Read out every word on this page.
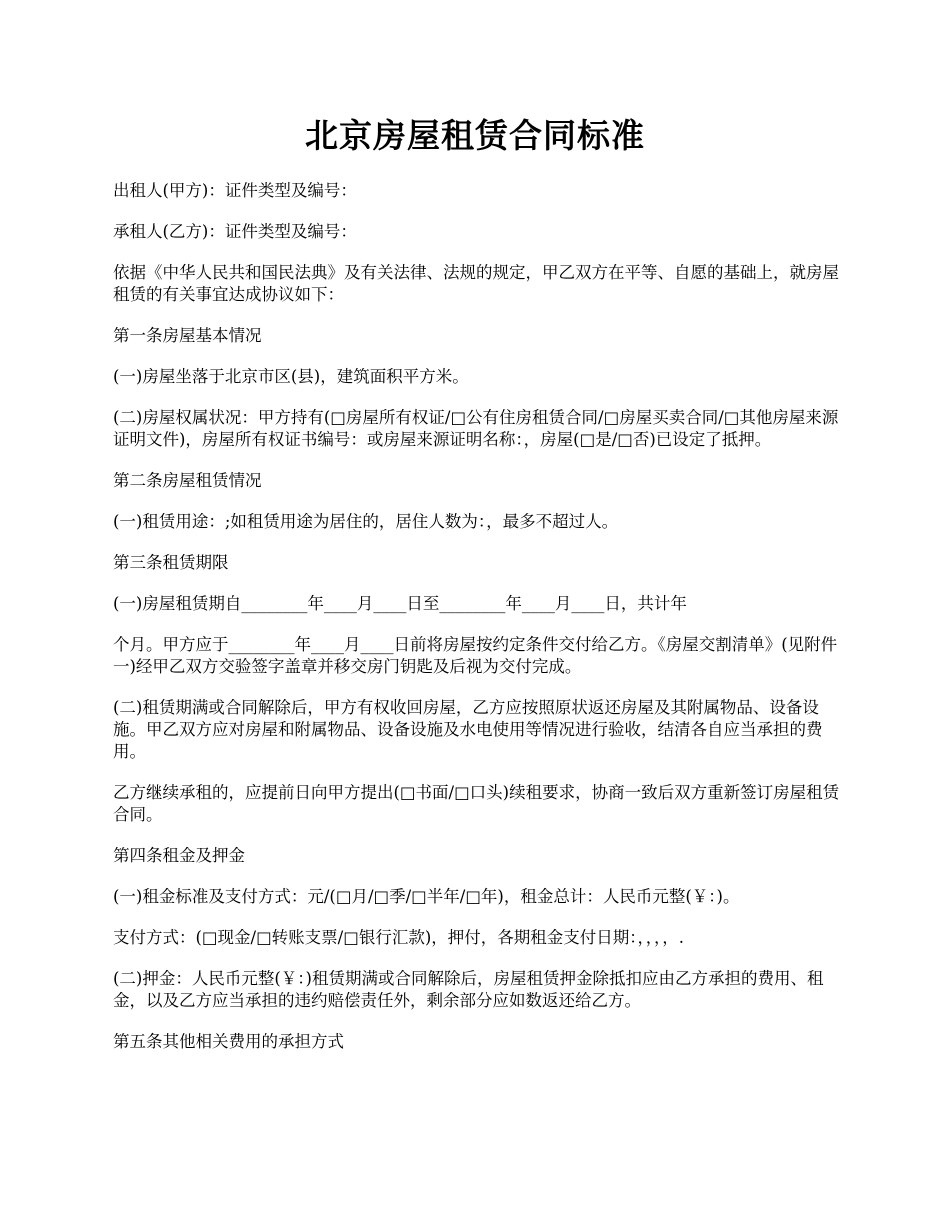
北京房屋租赁合同标准

出租人(甲方)：证件类型及编号：

承租人(乙方)：证件类型及编号：

依据《中华人民共和国民法典》及有关法律、法规的规定，甲乙双方在平等、自愿的基础上，就房屋租赁的有关事宜达成协议如下：

第一条房屋基本情况

(一)房屋坐落于北京市区(县)，建筑面积平方米。

(二)房屋权属状况：甲方持有(□房屋所有权证/□公有住房租赁合同/□房屋买卖合同/□其他房屋来源证明文件)，房屋所有权证书编号：或房屋来源证明名称：，房屋(□是/□否)已设定了抵押。

第二条房屋租赁情况

(一)租赁用途：;如租赁用途为居住的，居住人数为：，最多不超过人。

第三条租赁期限

(一)房屋租赁期自________年____月____日至________年____月____日，共计年

个月。甲方应于________年____月____日前将房屋按约定条件交付给乙方。《房屋交割清单》(见附件一)经甲乙双方交验签字盖章并移交房门钥匙及后视为交付完成。

(二)租赁期满或合同解除后，甲方有权收回房屋，乙方应按照原状返还房屋及其附属物品、设备设施。甲乙双方应对房屋和附属物品、设备设施及水电使用等情况进行验收，结清各自应当承担的费用。

乙方继续承租的，应提前日向甲方提出(□书面/□口头)续租要求，协商一致后双方重新签订房屋租赁合同。

第四条租金及押金

(一)租金标准及支付方式：元/(□月/□季/□半年/□年)，租金总计：人民币元整(￥：)。

支付方式：(□现金/□转账支票/□银行汇款)，押付，各期租金支付日期：，，，，.

(二)押金：人民币元整(￥：)租赁期满或合同解除后，房屋租赁押金除抵扣应由乙方承担的费用、租金，以及乙方应当承担的违约赔偿责任外，剩余部分应如数返还给乙方。

第五条其他相关费用的承担方式
